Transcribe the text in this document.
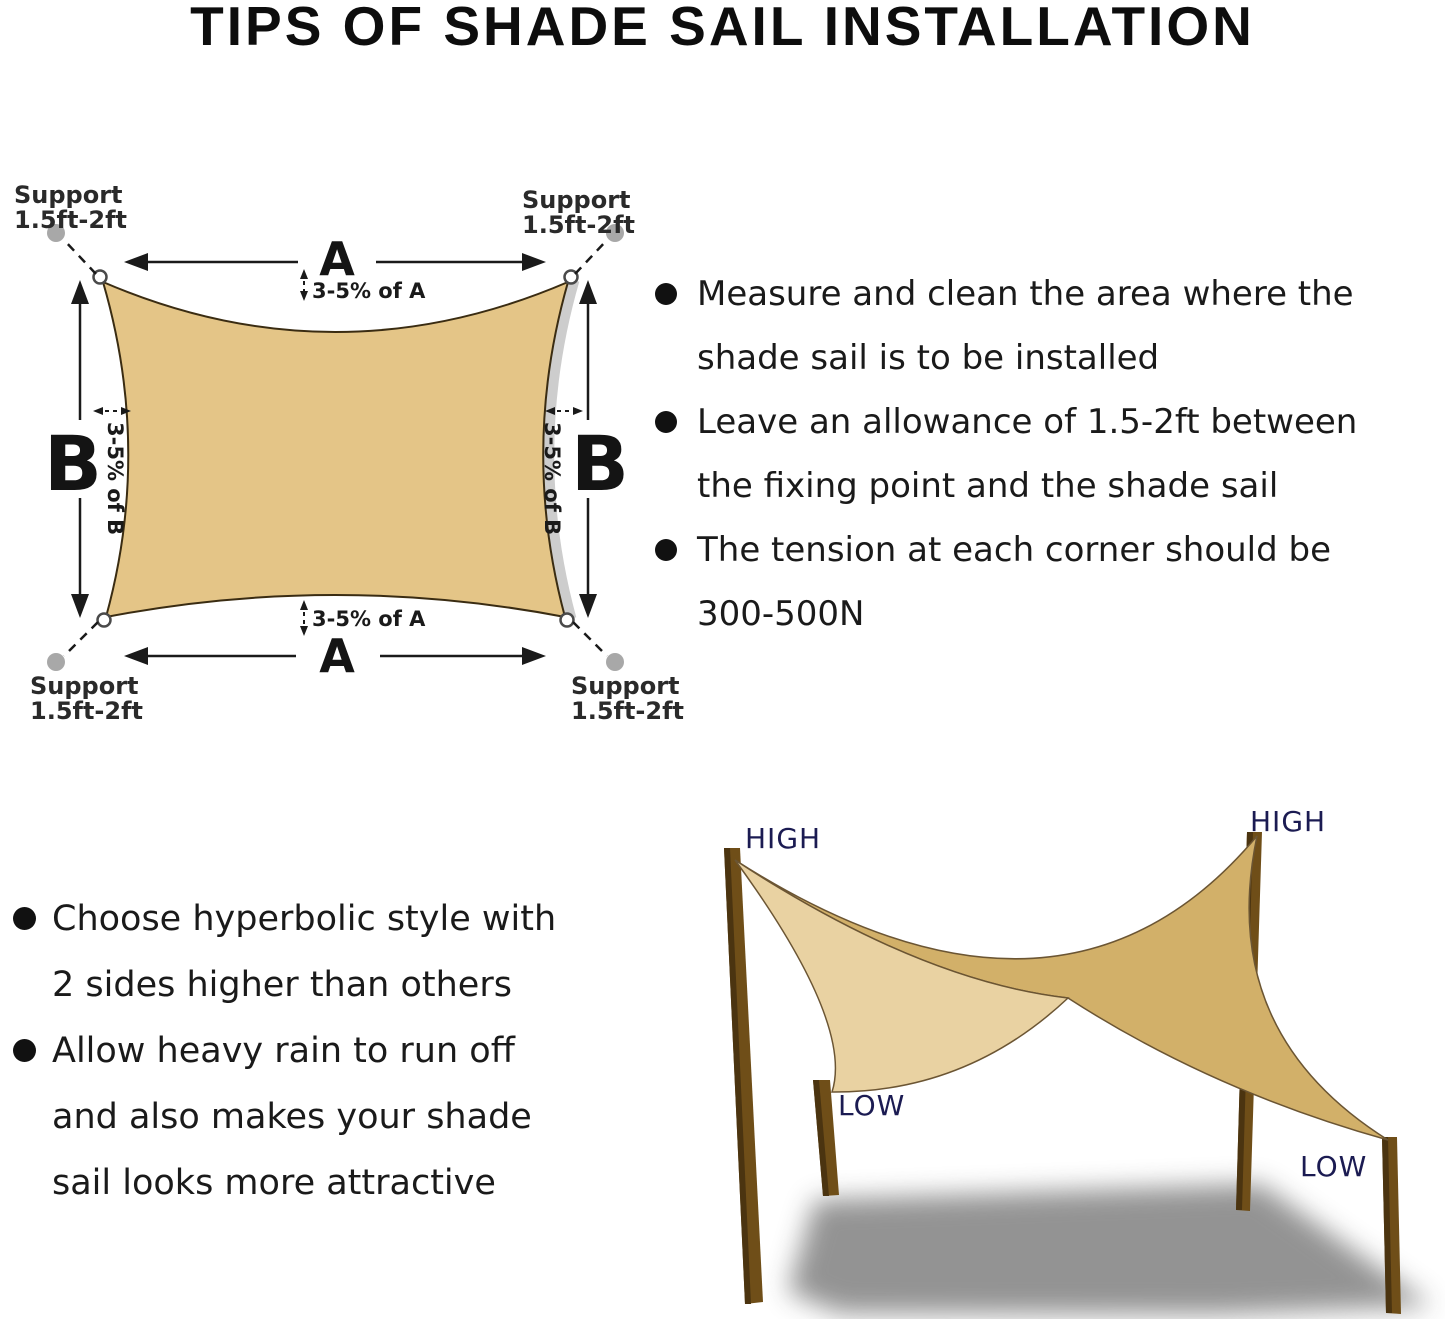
TIPS OF SHADE SAIL INSTALLATION
Support
1.5ft-2ft
Support
1.5ft-2ft
Support
1.5ft-2ft
Support
1.5ft-2ft
A
3-5% of A
A
3-5% of A
B 3-5% of B	B
3-5% of B
Measure and clean the area where the
shade sail is to be installed
Leave an allowance of 1.5-2ft between
the fixing point and the shade sail
The tension at each corner should be
300-500N
Choose hyperbolic style with
2 sides higher than others
Allow heavy rain to run off
and also makes your shade
sail looks more attractive
HIGH
HIGH
LOW
LOW
